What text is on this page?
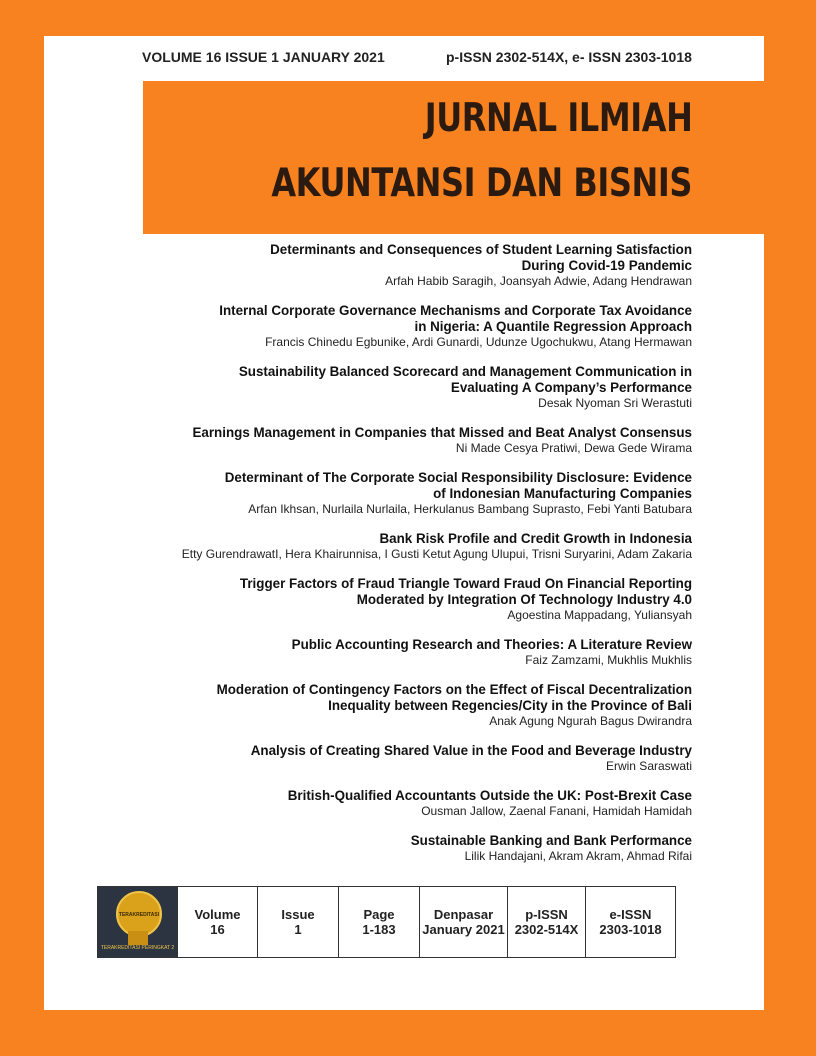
VOLUME 16 ISSUE 1 JANUARY 2021	p-ISSN 2302-514X, e- ISSN 2303-1018
JURNAL ILMIAH
AKUNTANSI DAN BISNIS
Determinants and Consequences of Student Learning Satisfaction
During Covid-19 Pandemic
Arfah Habib Saragih, Joansyah Adwie, Adang Hendrawan
Internal Corporate Governance Mechanisms and Corporate Tax Avoidance
in Nigeria: A Quantile Regression Approach
Francis Chinedu Egbunike, Ardi Gunardi, Udunze Ugochukwu, Atang Hermawan
Sustainability Balanced Scorecard and Management Communication in
Evaluating A Company’s Performance
Desak Nyoman Sri Werastuti
Earnings Management in Companies that Missed and Beat Analyst Consensus
Ni Made Cesya Pratiwi, Dewa Gede Wirama
Determinant of The Corporate Social Responsibility Disclosure: Evidence
of Indonesian Manufacturing Companies
Arfan Ikhsan, Nurlaila Nurlaila, Herkulanus Bambang Suprasto, Febi Yanti Batubara
Bank Risk Profile and Credit Growth in Indonesia
Etty GurendrawatI, Hera Khairunnisa, I Gusti Ketut Agung Ulupui, Trisni Suryarini, Adam Zakaria
Trigger Factors of Fraud Triangle Toward Fraud On Financial Reporting
Moderated by Integration Of Technology Industry 4.0
Agoestina Mappadang, Yuliansyah
Public Accounting Research and Theories: A Literature Review
Faiz Zamzami, Mukhlis Mukhlis
Moderation of Contingency Factors on the Effect of Fiscal Decentralization
Inequality between Regencies/City in the Province of Bali
Anak Agung Ngurah Bagus Dwirandra
Analysis of Creating Shared Value in the Food and Beverage Industry
Erwin Saraswati
British-Qualified Accountants Outside the UK: Post-Brexit Case
Ousman Jallow, Zaenal Fanani, Hamidah Hamidah
Sustainable Banking and Bank Performance
Lilik Handajani, Akram Akram, Ahmad Rifai
TERAKREDITASI
TERAKREDITASI PERINGKAT 2

Volume
16

Issue
1

Page
1-183

Denpasar
January 2021

p-ISSN
2302-514X

e-ISSN
2303-1018
